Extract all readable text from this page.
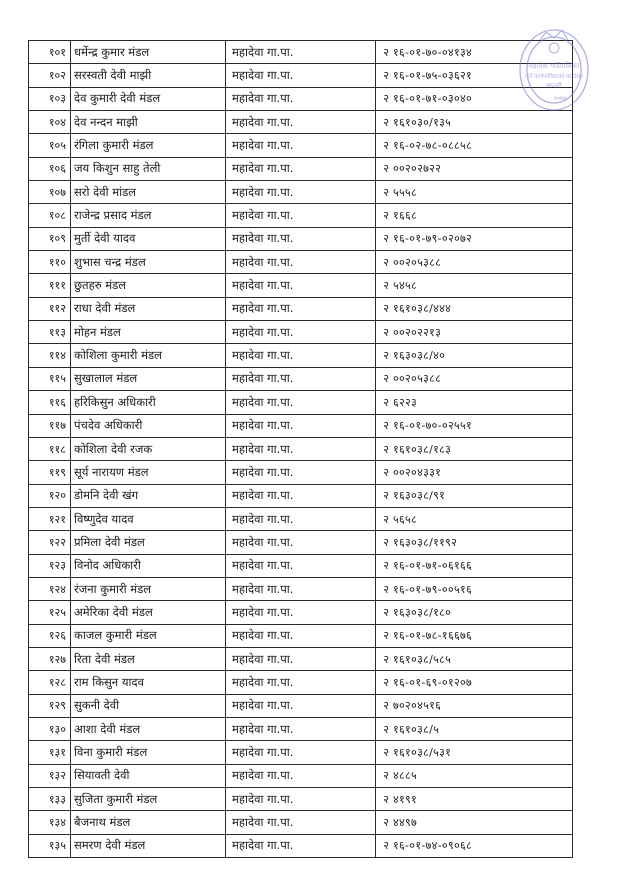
१०१	धर्मेन्द्र कुमार मंडल	महादेवा गा.पा.	२	१६-०१-७०-०४१३४
१०२	सरस्वती देवी माझी	महादेवा गा.पा.	२	१६-०१-७५-०३६२१
१०३	देव कुमारी देवी मंडल	महादेवा गा.पा.	२	१६-०१-७१-०३०४०
१०४	देव नन्दन माझी	महादेवा गा.पा.	२	१६१०३०/१३५
१०५	रंगिला कुमारी मंडल	महादेवा गा.पा.	२	१६-०२-७८-०८८५८
१०६	जय किशुन साहु तेली	महादेवा गा.पा.	२	००२०२७२२
१०७	सरो देवी मांडल	महादेवा गा.पा.	२	५५५८
१०८	राजेन्द्र प्रसाद मंडल	महादेवा गा.पा.	२	१६६८
१०९	मुर्ती देवी यादव	महादेवा गा.पा.	२	१६-०१-७९-०२०७२
११०	शुभास चन्द्र मंडल	महादेवा गा.पा.	२	००२०५३८८
१११	छुतहरु मंडल	महादेवा गा.पा.	२	५४५८
११२	राधा देवी मंडल	महादेवा गा.पा.	२	१६१०३८/४४४
११३	मोहन मंडल	महादेवा गा.पा.	२	००२०२२१३
११४	कोशिला कुमारी मंडल	महादेवा गा.पा.	२	१६३०३८/४०
११५	सुखालाल मंडल	महादेवा गा.पा.	२	००२०५३८८
११६	हरिकिसुन अधिकारी	महादेवा गा.पा.	२	६२२३
११७	पंचदेव अधिकारी	महादेवा गा.पा.	२	१६-०१-७०-०२५५१
११८	कोशिला देवी रजक	महादेवा गा.पा.	२	१६१०३८/१८३
११९	सूर्य नारायण मंडल	महादेवा गा.पा.	२	००२०४३३१
१२०	डोमनि देवी खंग	महादेवा गा.पा.	२	१६३०३८/९१
१२१	विष्णुदेव यादव	महादेवा गा.पा.	२	५६५८
१२२	प्रमिला देवी मंडल	महादेवा गा.पा.	२	१६३०३८/११९२
१२३	विनोद अधिकारी	महादेवा गा.पा.	२	१६-०१-७१-०६१६६
१२४	रंजना कुमारी मंडल	महादेवा गा.पा.	२	१६-०१-७९-००५१६
१२५	अमेरिका देवी मंडल	महादेवा गा.पा.	२	१६३०३८/१८०
१२६	काजल कुमारी मंडल	महादेवा गा.पा.	२	१६-०१-७८-१६६७६
१२७	रिता देवी मंडल	महादेवा गा.पा.	२	१६१०३८/५८५
१२८	राम किसुन यादव	महादेवा गा.पा.	२	१६-०१-६९-०१२०७
१२९	सुकनी देवी	महादेवा गा.पा.	२	७०२०४५१६
१३०	आशा देवी मंडल	महादेवा गा.पा.	२	१६१०३८/५
१३१	विना कुमारी मंडल	महादेवा गा.पा.	२	१६१०३८/५३१
१३२	सियावती देवी	महादेवा गा.पा.	२	४८८५
१३३	सुजिता कुमारी मंडल	महादेवा गा.पा.	२	४१९१
१३४	बैजनाथ मंडल	महादेवा गा.पा.	२	४४९७
१३५	समरण देवी मंडल	महादेवा गा.पा.	२	१६-०१-७४-०९०६८
महादेवा गाउँपालिका
गाउँ कार्यपालिकाको कार्यालय
सप्तरी
२०७४
